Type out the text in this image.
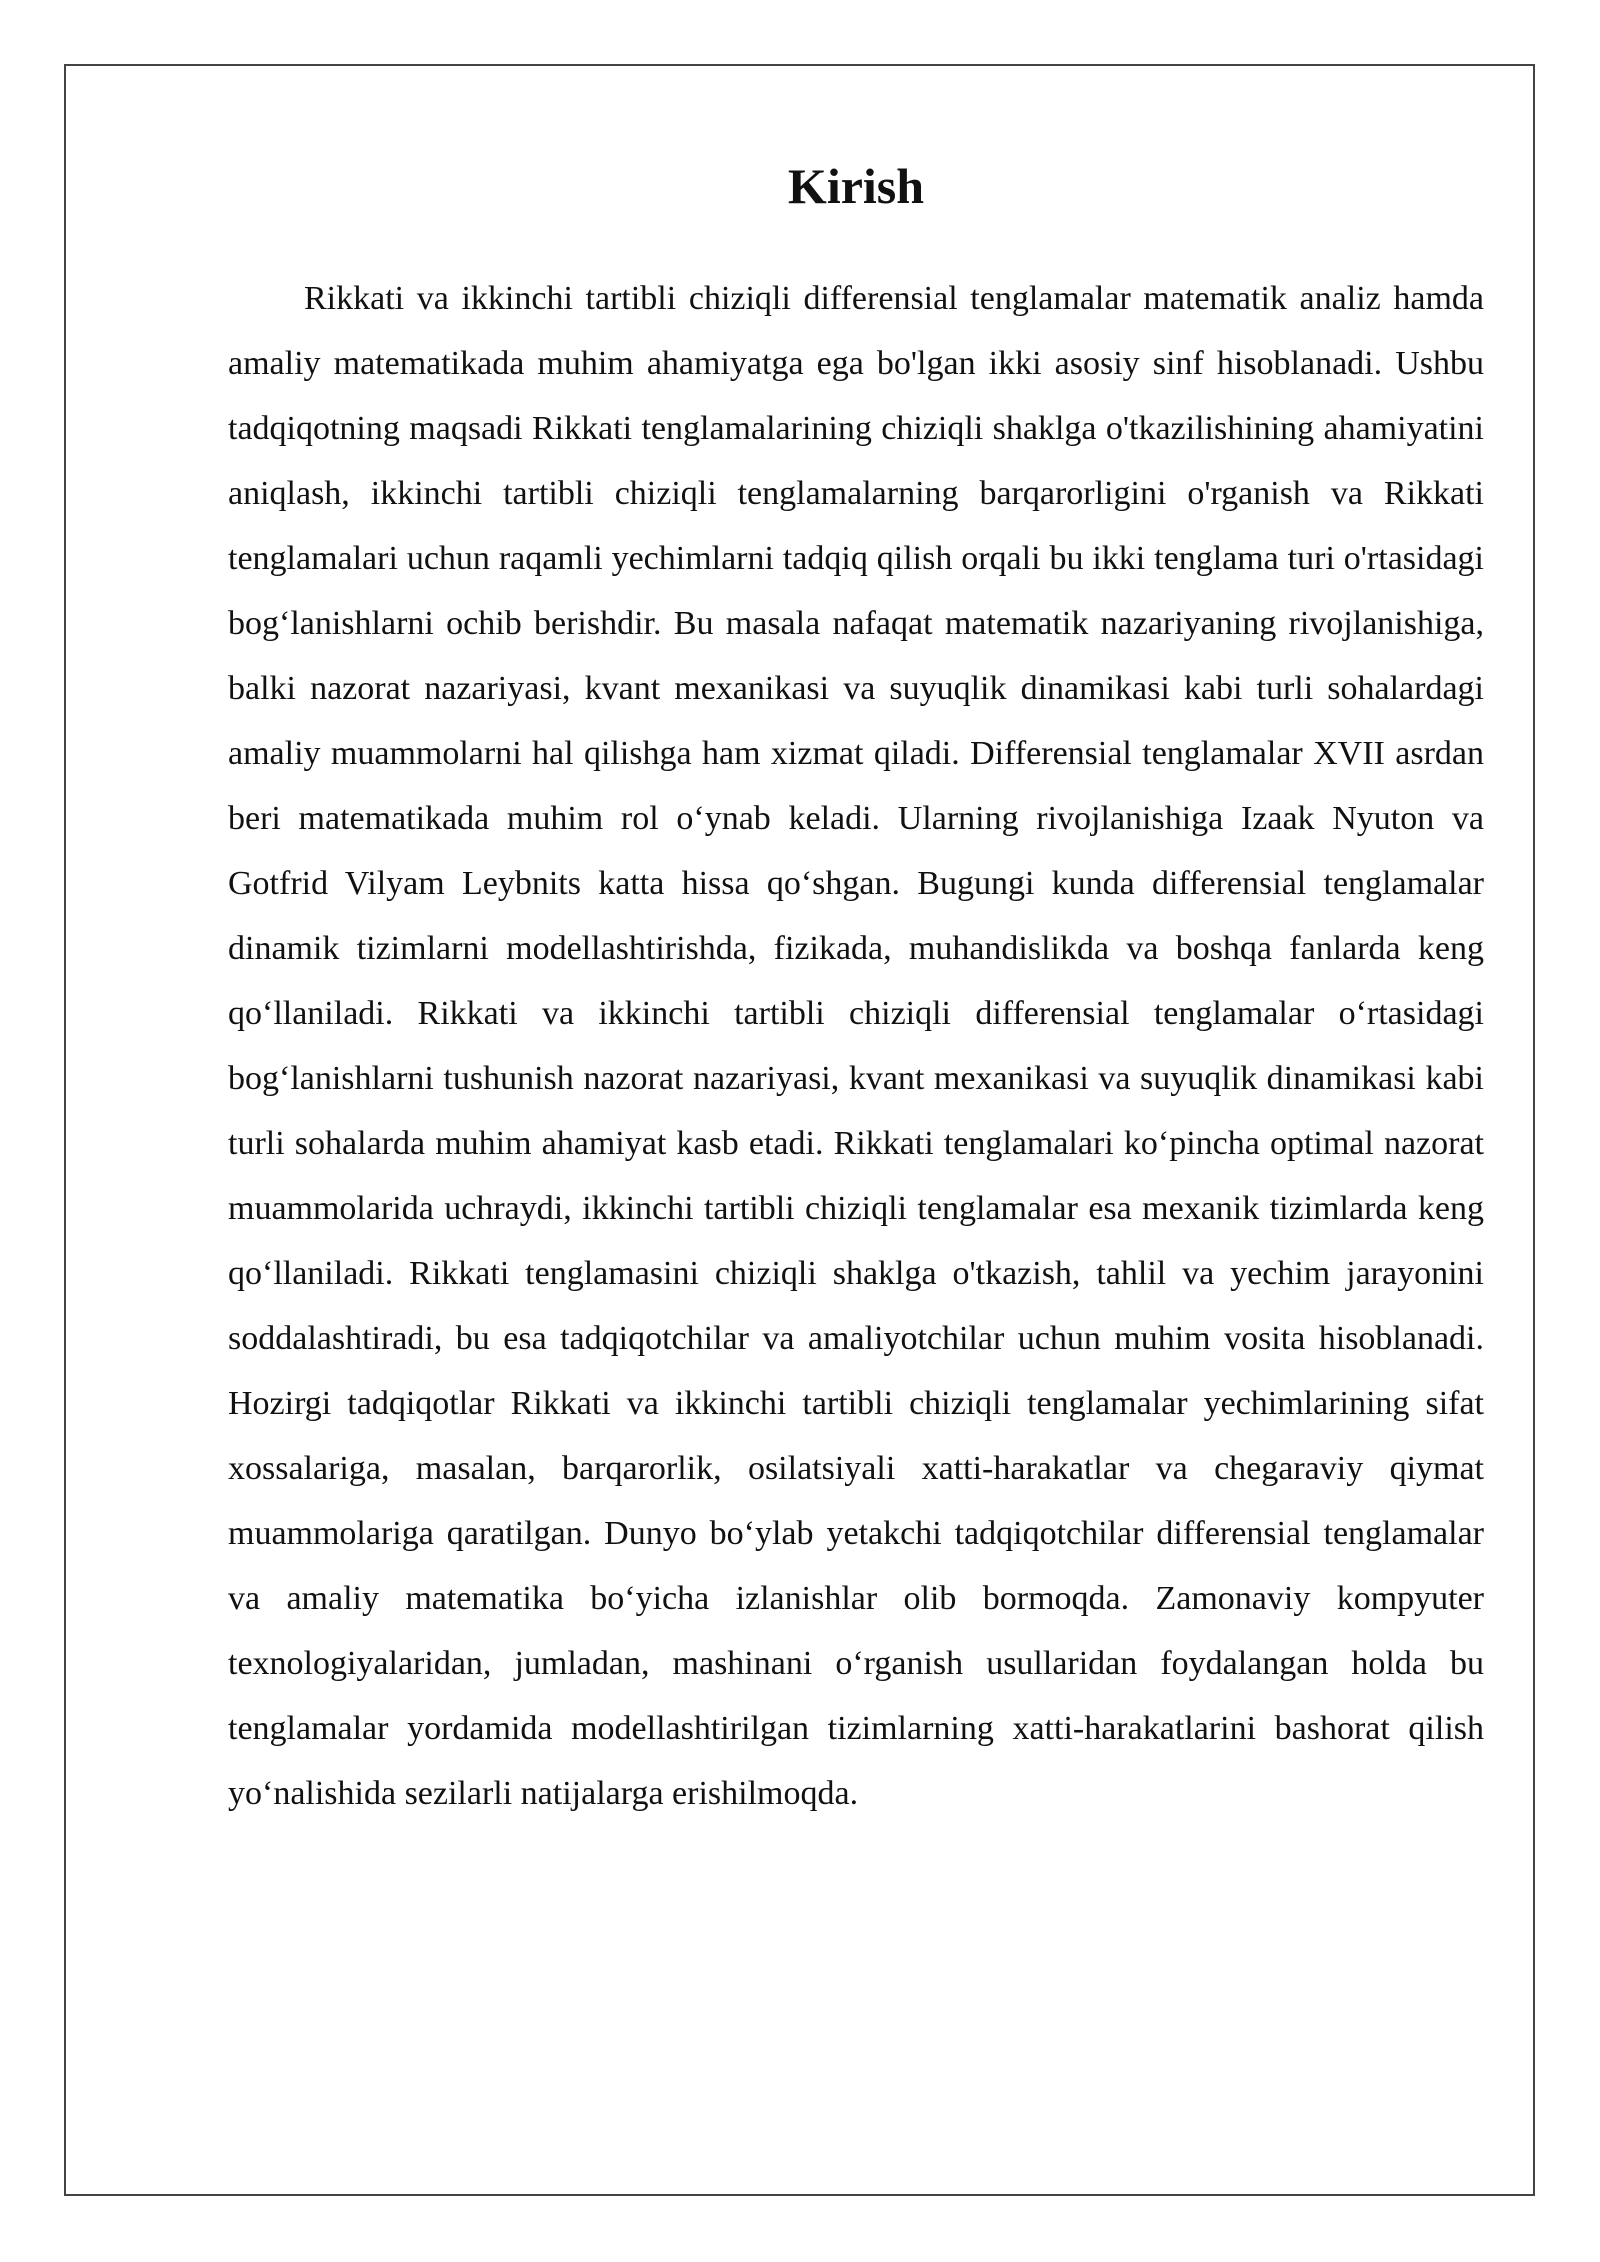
Kirish

Rikkati va ikkinchi tartibli chiziqli differensial tenglamalar matematik analiz hamda amaliy matematikada muhim ahamiyatga ega bo'lgan ikki asosiy sinf hisoblanadi. Ushbu tadqiqotning maqsadi Rikkati tenglamalarining chiziqli shaklga o'tkazilishining ahamiyatini aniqlash, ikkinchi tartibli chiziqli tenglamalarning barqarorligini o'rganish va Rikkati tenglamalari uchun raqamli yechimlarni tadqiq qilish orqali bu ikki tenglama turi o'rtasidagi bog‘lanishlarni ochib berishdir. Bu masala nafaqat matematik nazariyaning rivojlanishiga, balki nazorat nazariyasi, kvant mexanikasi va suyuqlik dinamikasi kabi turli sohalardagi amaliy muammolarni hal qilishga ham xizmat qiladi. Differensial tenglamalar XVII asrdan beri matematikada muhim rol o‘ynab keladi. Ularning rivojlanishiga Izaak Nyuton va Gotfrid Vilyam Leybnits katta hissa qo‘shgan. Bugungi kunda differensial tenglamalar dinamik tizimlarni modellashtirishda, fizikada, muhandislikda va boshqa fanlarda keng qo‘llaniladi. Rikkati va ikkinchi tartibli chiziqli differensial tenglamalar o‘rtasidagi bog‘lanishlarni tushunish nazorat nazariyasi, kvant mexanikasi va suyuqlik dinamikasi kabi turli sohalarda muhim ahamiyat kasb etadi. Rikkati tenglamalari ko‘pincha optimal nazorat muammolarida uchraydi, ikkinchi tartibli chiziqli tenglamalar esa mexanik tizimlarda keng qo‘llaniladi. Rikkati tenglamasini chiziqli shaklga o'tkazish, tahlil va yechim jarayonini soddalashtiradi, bu esa tadqiqotchilar va amaliyotchilar uchun muhim vosita hisoblanadi. Hozirgi tadqiqotlar Rikkati va ikkinchi tartibli chiziqli tenglamalar yechimlarining sifat xossalariga, masalan, barqarorlik, osilatsiyali xatti-harakatlar va chegaraviy qiymat muammolariga qaratilgan. Dunyo bo‘ylab yetakchi tadqiqotchilar differensial tenglamalar va amaliy matematika bo‘yicha izlanishlar olib bormoqda. Zamonaviy kompyuter texnologiyalaridan, jumladan, mashinani o‘rganish usullaridan foydalangan holda bu tenglamalar yordamida modellashtirilgan tizimlarning xatti-harakatlarini bashorat qilish yo‘nalishida sezilarli natijalarga erishilmoqda.
